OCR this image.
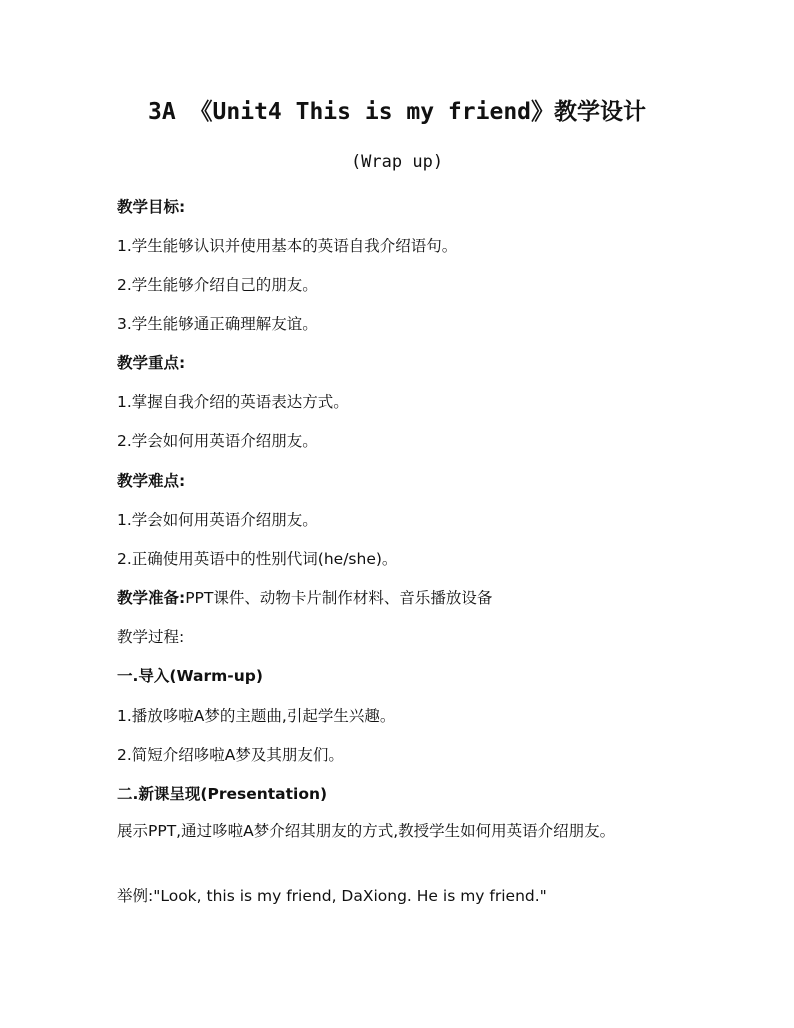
3A 《Unit4 This is my friend》教学设计
(Wrap up)
教学目标:
1.学生能够认识并使用基本的英语自我介绍语句。
2.学生能够介绍自己的朋友。
3.学生能够通正确理解友谊。
教学重点:
1.掌握自我介绍的英语表达方式。
2.学会如何用英语介绍朋友。
教学难点:
1.学会如何用英语介绍朋友。
2.正确使用英语中的性别代词(he/she)。
教学准备:PPT课件、动物卡片制作材料、音乐播放设备
教学过程:
一.导入(Warm-up)
1.播放哆啦A梦的主题曲,引起学生兴趣。
2.简短介绍哆啦A梦及其朋友们。
二.新课呈现(Presentation)
展示PPT,通过哆啦A梦介绍其朋友的方式,教授学生如何用英语介绍朋友。
举例:"Look, this is my friend, DaXiong. He is my friend."
